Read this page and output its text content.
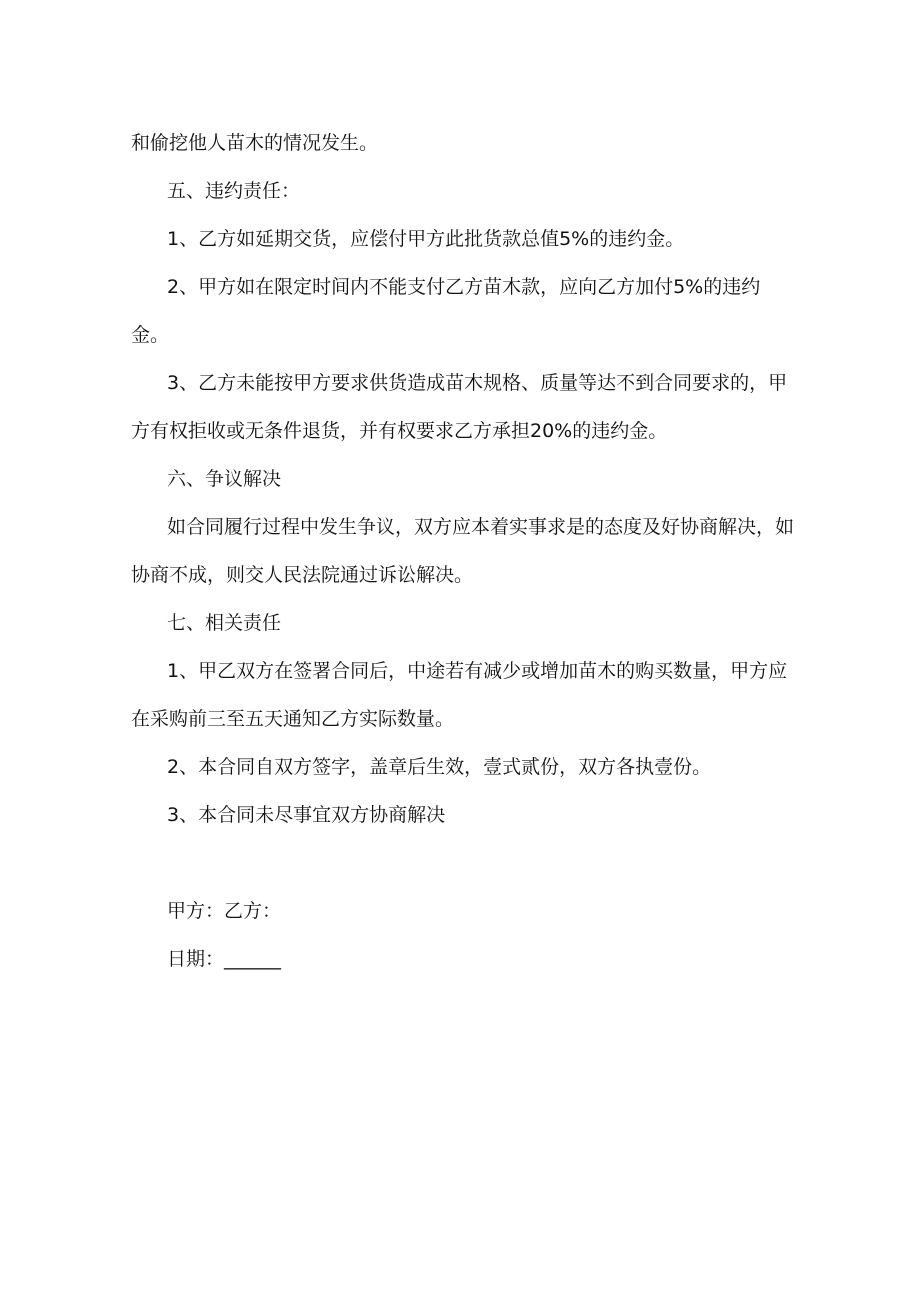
和偷挖他人苗木的情况发生。

五、违约责任：

1、乙方如延期交货，应偿付甲方此批货款总值5%的违约金。

2、甲方如在限定时间内不能支付乙方苗木款，应向乙方加付5%的违约金。

3、乙方未能按甲方要求供货造成苗木规格、质量等达不到合同要求的，甲方有权拒收或无条件退货，并有权要求乙方承担20%的违约金。

六、争议解决

如合同履行过程中发生争议，双方应本着实事求是的态度及好协商解决，如协商不成，则交人民法院通过诉讼解决。

七、相关责任

1、甲乙双方在签署合同后，中途若有减少或增加苗木的购买数量，甲方应在采购前三至五天通知乙方实际数量。

2、本合同自双方签字，盖章后生效，壹式贰份，双方各执壹份。

3、本合同未尽事宜双方协商解决

甲方：乙方：

日期：______
